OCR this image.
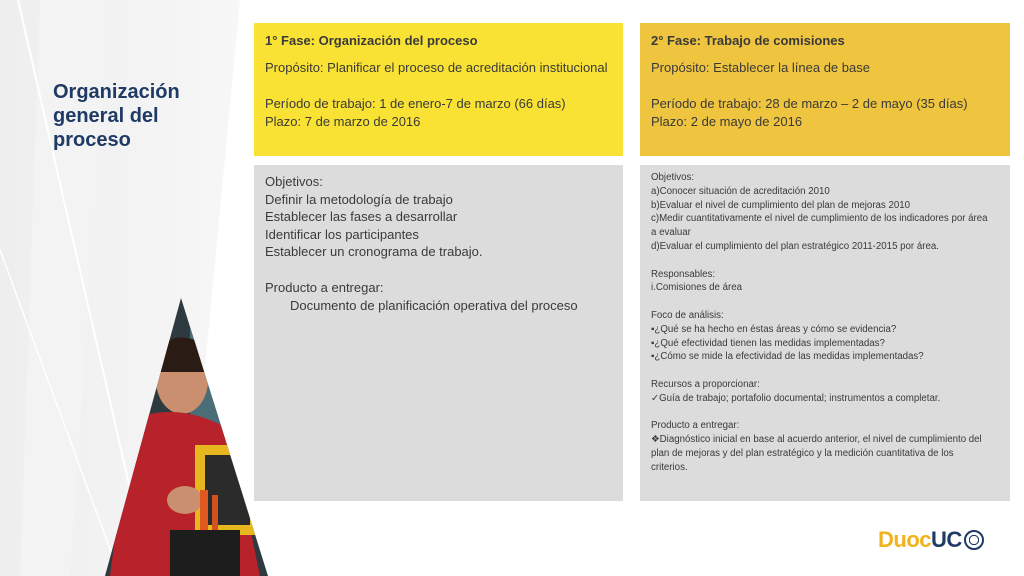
Organización
general del
proceso
1° Fase: Organización del proceso
Propósito: Planificar el proceso de acreditación institucional
Período de trabajo: 1 de enero-7 de marzo (66 días)
Plazo: 7 de marzo de 2016
2° Fase: Trabajo de comisiones
Propósito: Establecer la línea de base
Período de trabajo: 28 de marzo – 2 de mayo (35 días)
Plazo: 2 de mayo de 2016
Objetivos:
Definir la metodología de trabajo
Establecer las fases a desarrollar
Identificar los participantes
Establecer un cronograma de trabajo.
Producto a entregar:
Documento de planificación operativa del proceso
Objetivos:
a)Conocer situación de acreditación 2010
b)Evaluar el nivel de cumplimiento del plan de mejoras 2010
c)Medir cuantitativamente el nivel de cumplimiento de los indicadores por área
a evaluar
d)Evaluar el cumplimiento del plan estratégico 2011-2015 por área.
Responsables:
i.Comisiones de área
Foco de análisis:
▪¿Qué se ha hecho en éstas áreas y cómo se evidencia?
▪¿Qué efectividad tienen las medidas implementadas?
▪¿Cómo se mide la efectividad de las medidas implementadas?
Recursos a proporcionar:
✓Guía de trabajo; portafolio documental; instrumentos a completar.
Producto a entregar:
❖Diagnóstico inicial en base al acuerdo anterior, el nivel de cumplimiento del
plan de mejoras y del plan estratégico y la medición cuantitativa de los
criterios.
DuocUC
